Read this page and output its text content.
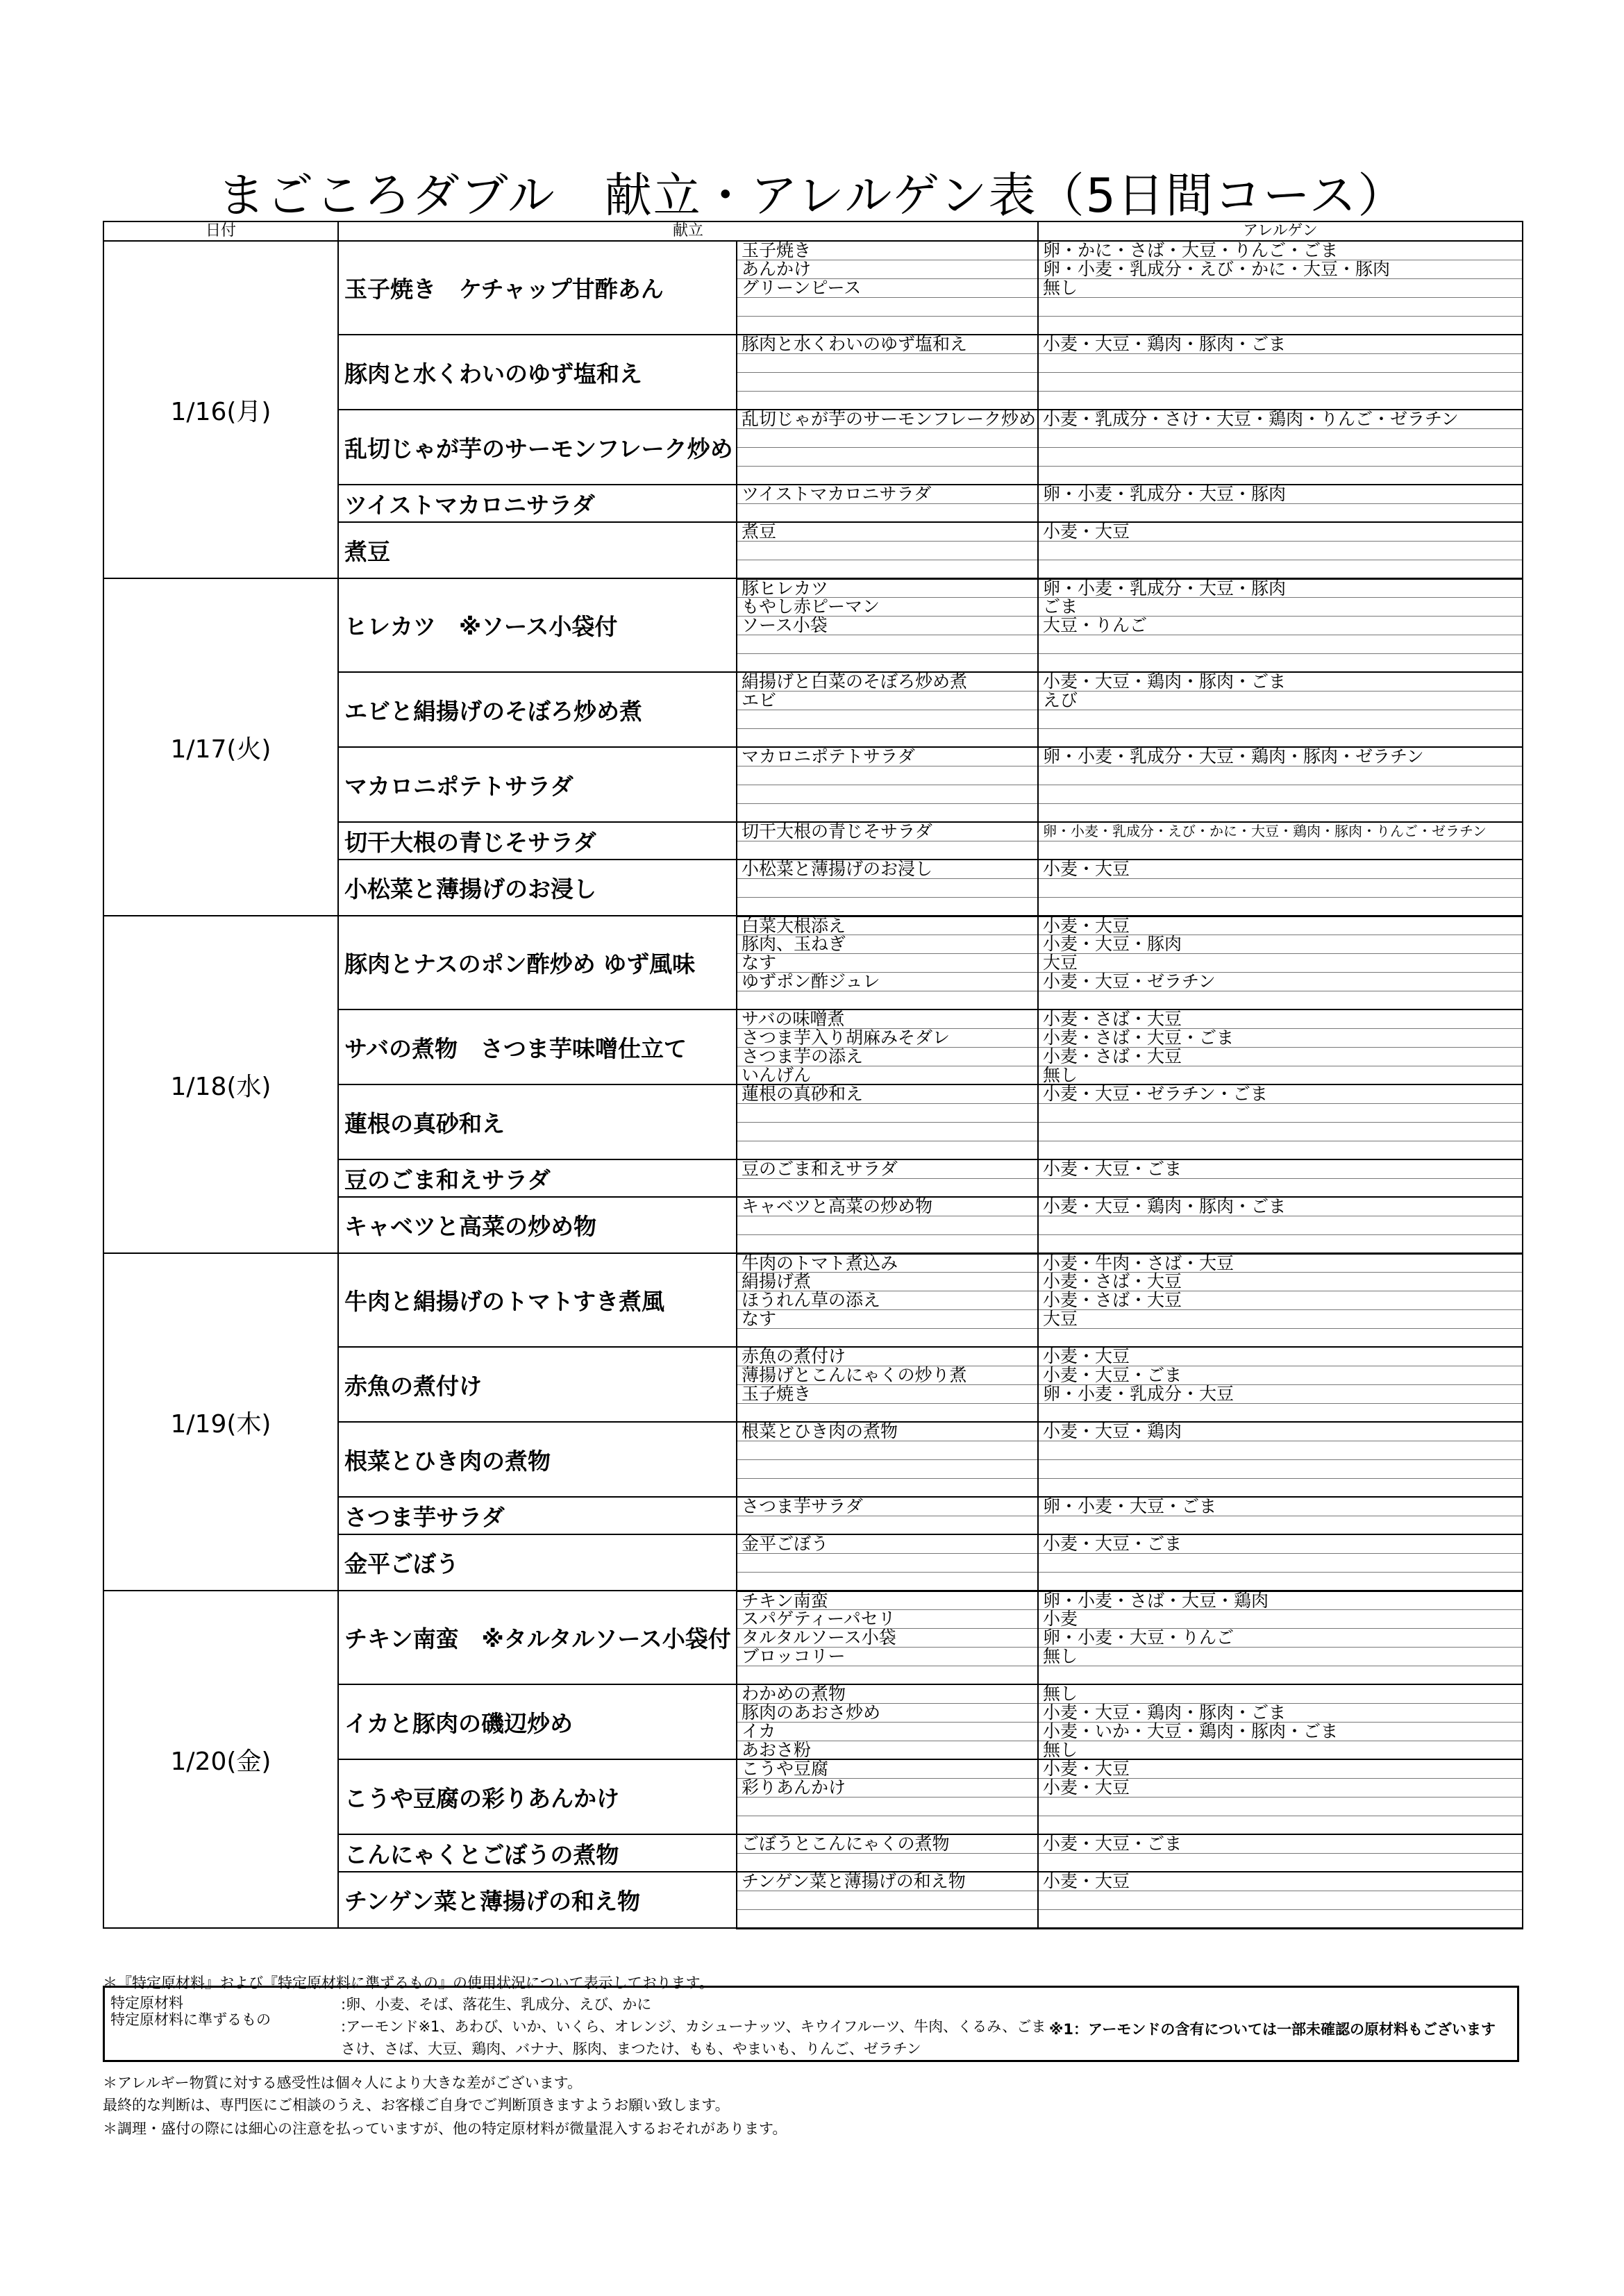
まごころダブル　献立・アレルゲン表（5日間コース）
日付	献立		アレルゲン
1/16(月)	玉子焼き　ケチャップ甘酢あん	玉子焼き	卵・かに・さば・大豆・りんご・ごま
		あんかけ	卵・小麦・乳成分・えび・かに・大豆・豚肉
		グリーンピース	無し

	豚肉と水くわいのゆず塩和え	豚肉と水くわいのゆず塩和え	小麦・大豆・鶏肉・豚肉・ごま

	乱切じゃが芋のサーモンフレーク炒め	乱切じゃが芋のサーモンフレーク炒め	小麦・乳成分・さけ・大豆・鶏肉・りんご・ゼラチン

	ツイストマカロニサラダ	ツイストマカロニサラダ	卵・小麦・乳成分・大豆・豚肉

	煮豆	煮豆	小麦・大豆

1/17(火)	ヒレカツ　※ソース小袋付	豚ヒレカツ	卵・小麦・乳成分・大豆・豚肉
		もやし赤ピーマン	ごま
		ソース小袋	大豆・りんご

	エビと絹揚げのそぼろ炒め煮	絹揚げと白菜のそぼろ炒め煮	小麦・大豆・鶏肉・豚肉・ごま
		エビ	えび

	マカロニポテトサラダ	マカロニポテトサラダ	卵・小麦・乳成分・大豆・鶏肉・豚肉・ゼラチン

	切干大根の青じそサラダ	切干大根の青じそサラダ	卵・小麦・乳成分・えび・かに・大豆・鶏肉・豚肉・りんご・ゼラチン

	小松菜と薄揚げのお浸し	小松菜と薄揚げのお浸し	小麦・大豆

1/18(水)	豚肉とナスのポン酢炒め ゆず風味	白菜大根添え	小麦・大豆
		豚肉、玉ねぎ	小麦・大豆・豚肉
		なす	大豆
		ゆずポン酢ジュレ	小麦・大豆・ゼラチン

	サバの煮物　さつま芋味噌仕立て	サバの味噌煮	小麦・さば・大豆
		さつま芋入り胡麻みそダレ	小麦・さば・大豆・ごま
		さつま芋の添え	小麦・さば・大豆
		いんげん	無し
	蓮根の真砂和え	蓮根の真砂和え	小麦・大豆・ゼラチン・ごま

	豆のごま和えサラダ	豆のごま和えサラダ	小麦・大豆・ごま

	キャベツと高菜の炒め物	キャベツと高菜の炒め物	小麦・大豆・鶏肉・豚肉・ごま

1/19(木)	牛肉と絹揚げのトマトすき煮風	牛肉のトマト煮込み	小麦・牛肉・さば・大豆
		絹揚げ煮	小麦・さば・大豆
		ほうれん草の添え	小麦・さば・大豆
		なす	大豆

	赤魚の煮付け	赤魚の煮付け	小麦・大豆
		薄揚げとこんにゃくの炒り煮	小麦・大豆・ごま
		玉子焼き	卵・小麦・乳成分・大豆

	根菜とひき肉の煮物	根菜とひき肉の煮物	小麦・大豆・鶏肉

	さつま芋サラダ	さつま芋サラダ	卵・小麦・大豆・ごま

	金平ごぼう	金平ごぼう	小麦・大豆・ごま

1/20(金)	チキン南蛮　※タルタルソース小袋付	チキン南蛮	卵・小麦・さば・大豆・鶏肉
		スパゲティーパセリ	小麦
		タルタルソース小袋	卵・小麦・大豆・りんご
		ブロッコリー	無し

	イカと豚肉の磯辺炒め	わかめの煮物	無し
		豚肉のあおさ炒め	小麦・大豆・鶏肉・豚肉・ごま
		イカ	小麦・いか・大豆・鶏肉・豚肉・ごま
		あおさ粉	無し
	こうや豆腐の彩りあんかけ	こうや豆腐	小麦・大豆
		彩りあんかけ	小麦・大豆

	こんにゃくとごぼうの煮物	ごぼうとこんにゃくの煮物	小麦・大豆・ごま

	チンゲン菜と薄揚げの和え物	チンゲン菜と薄揚げの和え物	小麦・大豆

＊『特定原材料』および『特定原材料に準ずるもの』の使用状況について表示しております。
特定原材料
特定原材料に準ずるもの
:卵、小麦、そば、落花生、乳成分、えび、かに
:アーモンド※1、あわび、いか、いくら、オレンジ、カシューナッツ、キウイフルーツ、牛肉、くるみ、ごま
さけ、さば、大豆、鶏肉、バナナ、豚肉、まつたけ、もも、やまいも、りんご、ゼラチン
※1：アーモンドの含有については一部未確認の原材料もございます
＊アレルギー物質に対する感受性は個々人により大きな差がございます。
最終的な判断は、専門医にご相談のうえ、お客様ご自身でご判断頂きますようお願い致します。
＊調理・盛付の際には細心の注意を払っていますが、他の特定原材料が微量混入するおそれがあります。
